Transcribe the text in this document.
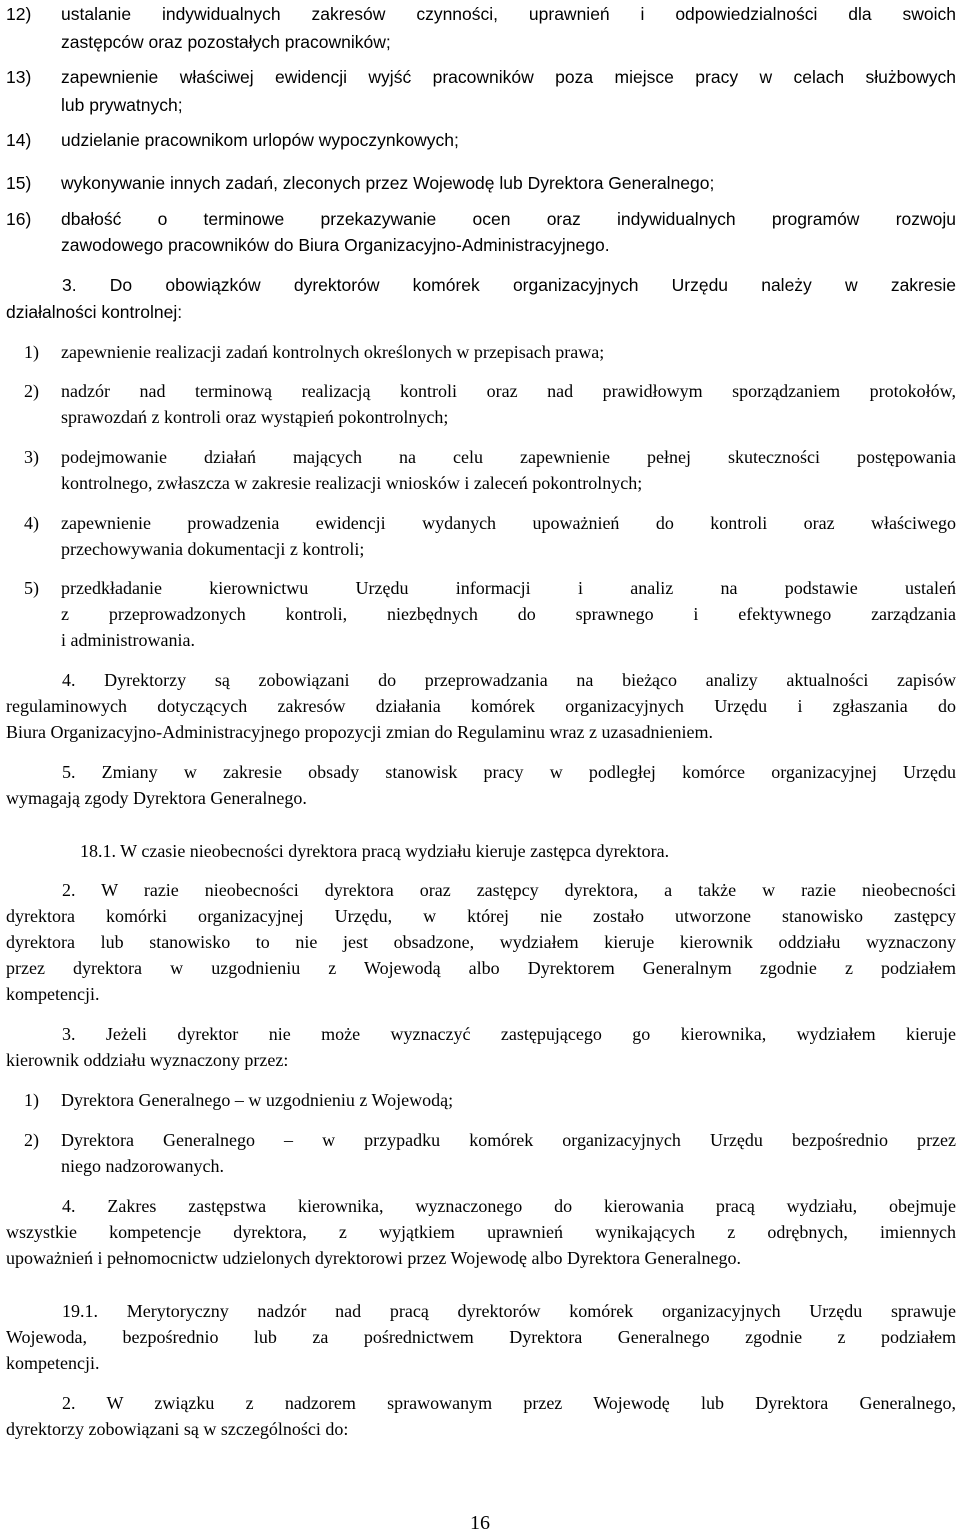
12) ustalanie indywidualnych zakresów czynności, uprawnień i odpowiedzialności dla swoich
zastępców oraz pozostałych pracowników;
13) zapewnienie właściwej ewidencji wyjść pracowników poza miejsce pracy w celach służbowych
lub prywatnych;
14) udzielanie pracownikom urlopów wypoczynkowych;
15) wykonywanie innych zadań, zleconych przez Wojewodę lub Dyrektora Generalnego;
16) dbałość o terminowe przekazywanie ocen oraz indywidualnych programów rozwoju
zawodowego pracowników do Biura Organizacyjno-Administracyjnego.
3. Do obowiązków dyrektorów komórek organizacyjnych Urzędu należy w zakresie
działalności kontrolnej:
1) zapewnienie realizacji zadań kontrolnych określonych w przepisach prawa;
2) nadzór nad terminową realizacją kontroli oraz nad prawidłowym sporządzaniem protokołów,
sprawozdań z kontroli oraz wystąpień pokontrolnych;
3) podejmowanie działań mających na celu zapewnienie pełnej skuteczności postępowania
kontrolnego, zwłaszcza w zakresie realizacji wniosków i zaleceń pokontrolnych;
4) zapewnienie prowadzenia ewidencji wydanych upoważnień do kontroli oraz właściwego
przechowywania dokumentacji z kontroli;
5) przedkładanie kierownictwu Urzędu informacji i analiz na podstawie ustaleń
z przeprowadzonych kontroli, niezbędnych do sprawnego i efektywnego zarządzania
i administrowania.
4. Dyrektorzy są zobowiązani do przeprowadzania na bieżąco analizy aktualności zapisów
regulaminowych dotyczących zakresów działania komórek organizacyjnych Urzędu i zgłaszania do
Biura Organizacyjno-Administracyjnego propozycji zmian do Regulaminu wraz z uzasadnieniem.
5. Zmiany w zakresie obsady stanowisk pracy w podległej komórce organizacyjnej Urzędu
wymagają zgody Dyrektora Generalnego.
18.1. W czasie nieobecności dyrektora pracą wydziału kieruje zastępca dyrektora.
2. W razie nieobecności dyrektora oraz zastępcy dyrektora, a także w razie nieobecności
dyrektora komórki organizacyjnej Urzędu, w której nie zostało utworzone stanowisko zastępcy
dyrektora lub stanowisko to nie jest obsadzone, wydziałem kieruje kierownik oddziału wyznaczony
przez dyrektora w uzgodnieniu z Wojewodą albo Dyrektorem Generalnym zgodnie z podziałem
kompetencji.
3. Jeżeli dyrektor nie może wyznaczyć zastępującego go kierownika, wydziałem kieruje
kierownik oddziału wyznaczony przez:
1) Dyrektora Generalnego – w uzgodnieniu z Wojewodą;
2) Dyrektora Generalnego – w przypadku komórek organizacyjnych Urzędu bezpośrednio przez
niego nadzorowanych.
4. Zakres zastępstwa kierownika, wyznaczonego do kierowania pracą wydziału, obejmuje
wszystkie kompetencje dyrektora, z wyjątkiem uprawnień wynikających z odrębnych, imiennych
upoważnień i pełnomocnictw udzielonych dyrektorowi przez Wojewodę albo Dyrektora Generalnego.
19.1. Merytoryczny nadzór nad pracą dyrektorów komórek organizacyjnych Urzędu sprawuje
Wojewoda, bezpośrednio lub za pośrednictwem Dyrektora Generalnego zgodnie z podziałem
kompetencji.
2. W związku z nadzorem sprawowanym przez Wojewodę lub Dyrektora Generalnego,
dyrektorzy zobowiązani są w szczególności do:
16
